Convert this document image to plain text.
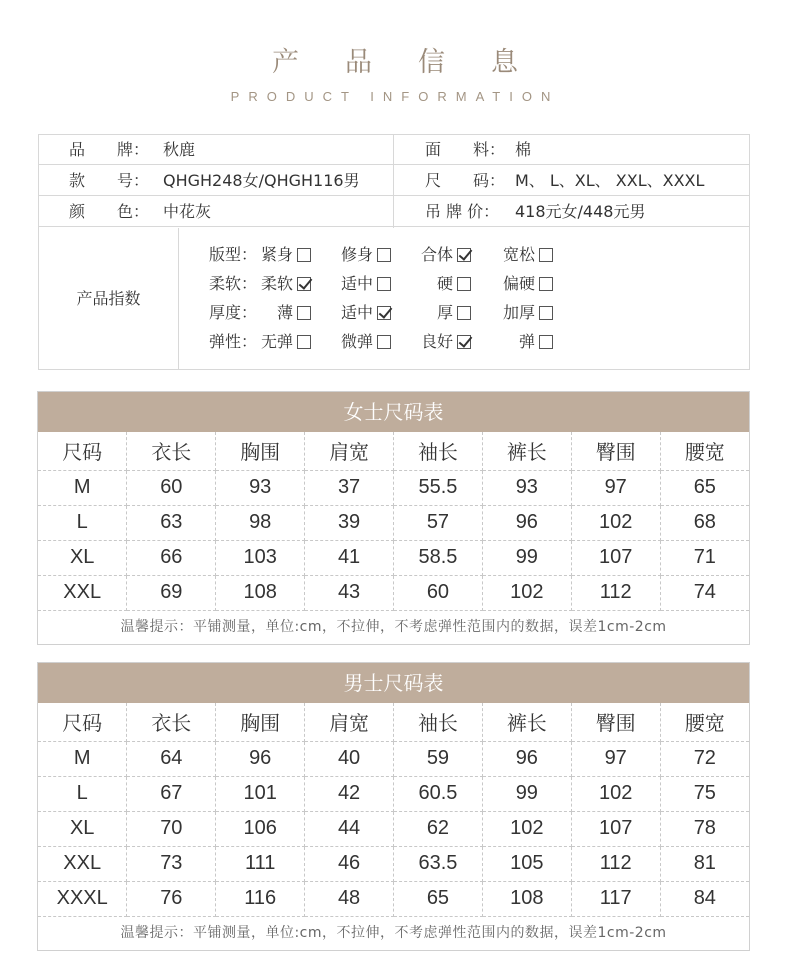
产品信息
PRODUCT INFORMATION
品　　牌： 秋鹿	面　　料： 棉
款　　号： QHGH248女/QHGH116男	尺　　码： M、 L、XL、 XXL、XXXL
颜　　色： 中花灰	吊 牌 价： 418元女/448元男
产品指数
版型： 紧身	修身	合体	宽松
柔软： 柔软	适中	硬	偏硬
厚度： 薄	适中	厚	加厚
弹性： 无弹	微弹	良好	弹
女士尺码表
尺码	衣长	胸围	肩宽	袖长	裤长	臀围	腰宽
M	60	93	37	55.5	93	97	65
L	63	98	39	57	96	102	68
XL	66	103	41	58.5	99	107	71
XXL	69	108	43	60	102	112	74
温馨提示：平铺测量，单位:cm，不拉伸，不考虑弹性范围内的数据，误差1cm-2cm
男士尺码表
尺码	衣长	胸围	肩宽	袖长	裤长	臀围	腰宽
M	64	96	40	59	96	97	72
L	67	101	42	60.5	99	102	75
XL	70	106	44	62	102	107	78
XXL	73	111	46	63.5	105	112	81
XXXL	76	116	48	65	108	117	84
温馨提示：平铺测量，单位:cm，不拉伸，不考虑弹性范围内的数据，误差1cm-2cm
